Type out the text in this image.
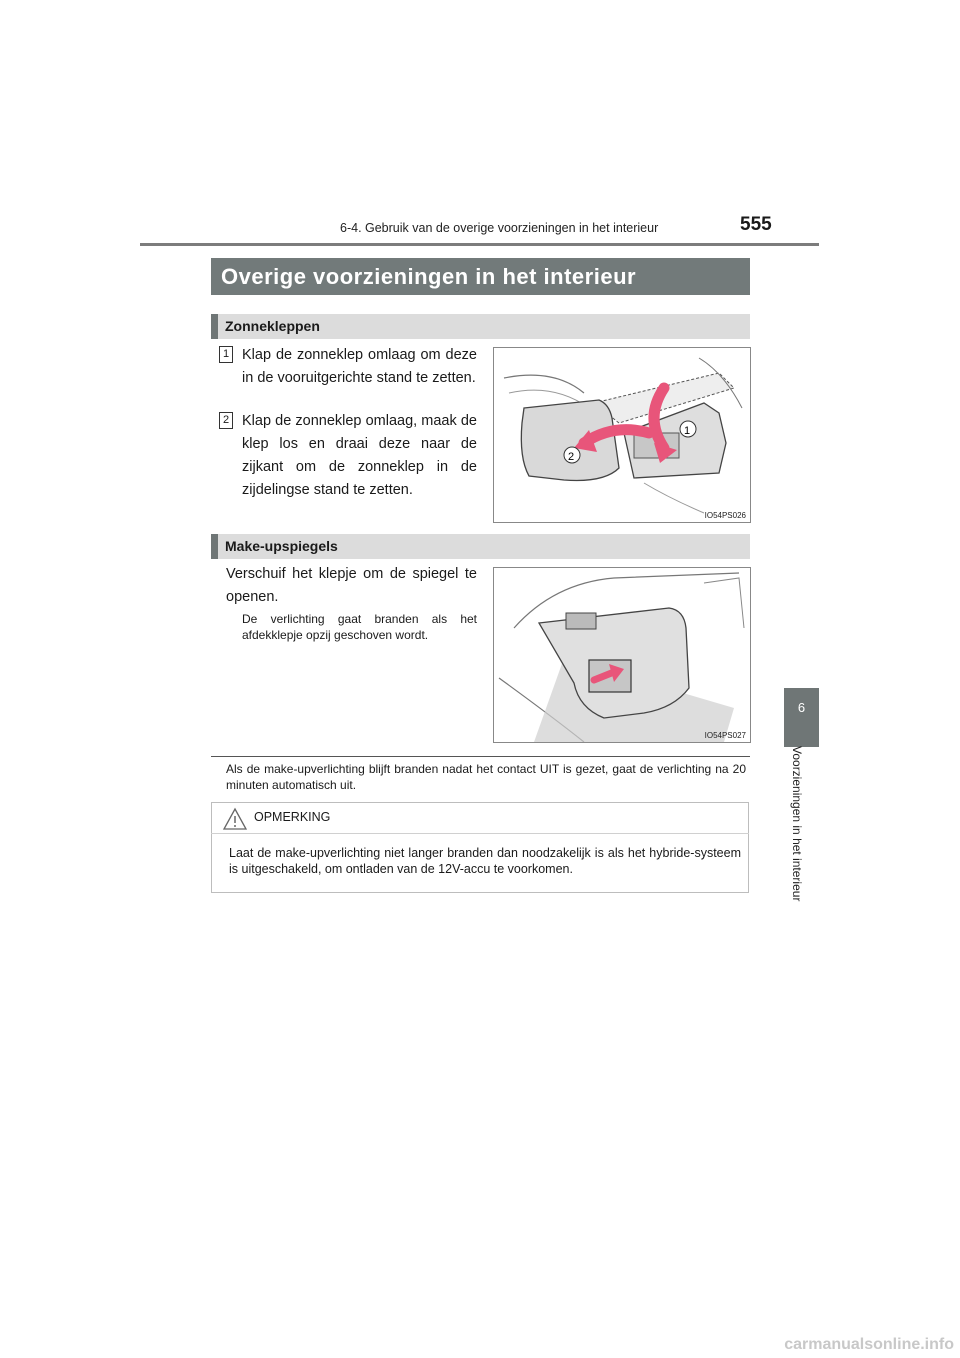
6-4. Gebruik van de overige voorzieningen in het interieur	555
6
Voorzieningen in het interieur
Overige voorzieningen in het interieur
Zonnekleppen
1 Klap de zonneklep omlaag om deze in de vooruitgerichte stand te zetten.
2 Klap de zonneklep omlaag, maak de klep los en draai deze naar de zijkant om de zonneklep in de zijdelingse stand te zetten.
1
2
IO54PS026
Make-upspiegels
Verschuif het klepje om de spiegel te openen.
De verlichting gaat branden als het afdekklepje opzij geschoven wordt.
IO54PS027
Als de make-upverlichting blijft branden nadat het contact UIT is gezet, gaat de verlichting na 20 minuten automatisch uit.
OPMERKING
Laat de make-upverlichting niet langer branden dan noodzakelijk is als het hybride-systeem is uitgeschakeld, om ontladen van de 12V-accu te voorkomen.
carmanualsonline.info
